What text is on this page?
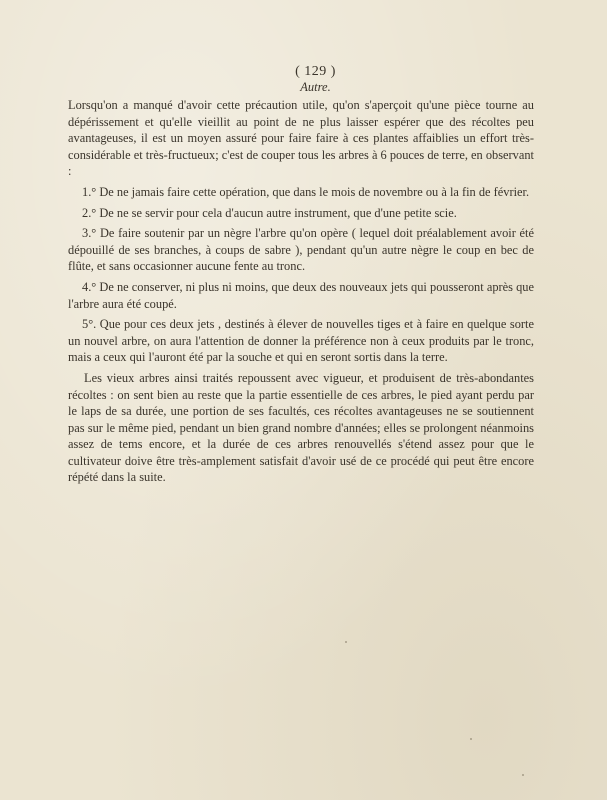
( 129 )
Autre.

Lorsqu'on a manqué d'avoir cette précaution utile, qu'on s'aperçoit qu'une pièce tourne au dépérissement et qu'elle vieillit au point de ne plus laisser espérer que des récoltes peu avantageuses, il est un moyen assuré pour faire faire à ces plantes affaiblies un effort très-considérable et très-fructueux; c'est de couper tous les arbres à 6 pouces de terre, en observant :

1.° De ne jamais faire cette opération, que dans le mois de novembre ou à la fin de février.

2.° De ne se servir pour cela d'aucun autre instrument, que d'une petite scie.

3.° De faire soutenir par un nègre l'arbre qu'on opère ( lequel doit préalablement avoir été dépouillé de ses branches, à coups de sabre ), pendant qu'un autre nègre le coup en bec de flûte, et sans occasionner aucune fente au tronc.

4.° De ne conserver, ni plus ni moins, que deux des nouveaux jets qui pousseront après que l'arbre aura été coupé.

5°. Que pour ces deux jets , destinés à élever de nouvelles tiges et à faire en quelque sorte un nouvel arbre, on aura l'attention de donner la préférence non à ceux produits par le tronc, mais a ceux qui l'auront été par la souche et qui en seront sortis dans la terre.

Les vieux arbres ainsi traités repoussent avec vigueur, et produisent de très-abondantes récoltes : on sent bien au reste que la partie essentielle de ces arbres, le pied ayant perdu par le laps de sa durée, une portion de ses facultés, ces récoltes avantageuses ne se soutiennent pas sur le même pied, pendant un bien grand nombre d'années; elles se prolongent néanmoins assez de tems encore, et la durée de ces arbres renouvellés s'étend assez pour que le cultivateur doive être très-amplement satisfait d'avoir usé de ce procédé qui peut être encore répété dans la suite.
